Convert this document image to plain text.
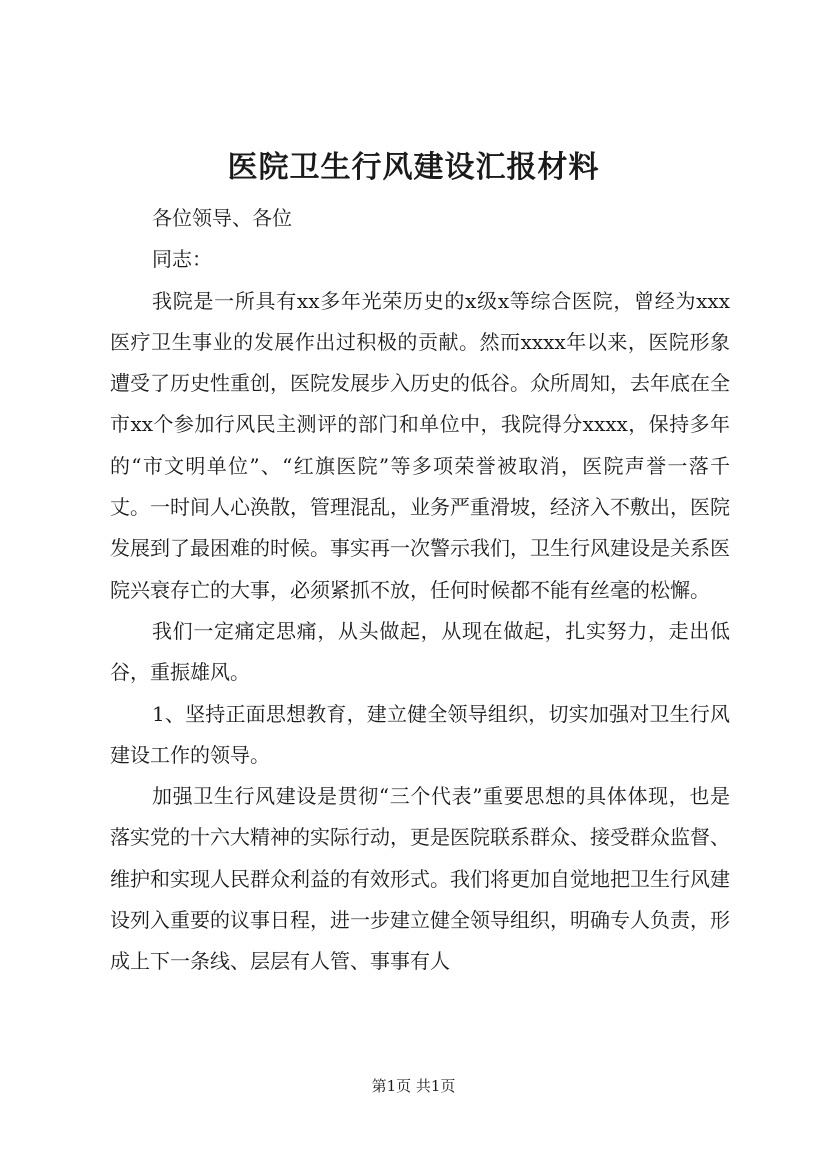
医院卫生行风建设汇报材料

各位领导、各位

同志：

我院是一所具有xx多年光荣历史的x级x等综合医院，曾经为xxx医疗卫生事业的发展作出过积极的贡献。然而xxxx年以来，医院形象遭受了历史性重创，医院发展步入历史的低谷。众所周知，去年底在全市xx个参加行风民主测评的部门和单位中，我院得分xxxx，保持多年的“市文明单位”、“红旗医院”等多项荣誉被取消，医院声誉一落千丈。一时间人心涣散，管理混乱，业务严重滑坡，经济入不敷出，医院发展到了最困难的时候。事实再一次警示我们，卫生行风建设是关系医院兴衰存亡的大事，必须紧抓不放，任何时候都不能有丝毫的松懈。

我们一定痛定思痛，从头做起，从现在做起，扎实努力，走出低谷，重振雄风。

1、坚持正面思想教育，建立健全领导组织，切实加强对卫生行风建设工作的领导。

加强卫生行风建设是贯彻“三个代表”重要思想的具体体现，也是落实党的十六大精神的实际行动，更是医院联系群众、接受群众监督、维护和实现人民群众利益的有效形式。我们将更加自觉地把卫生行风建设列入重要的议事日程，进一步建立健全领导组织，明确专人负责，形成上下一条线、层层有人管、事事有人

第1页 共1页
